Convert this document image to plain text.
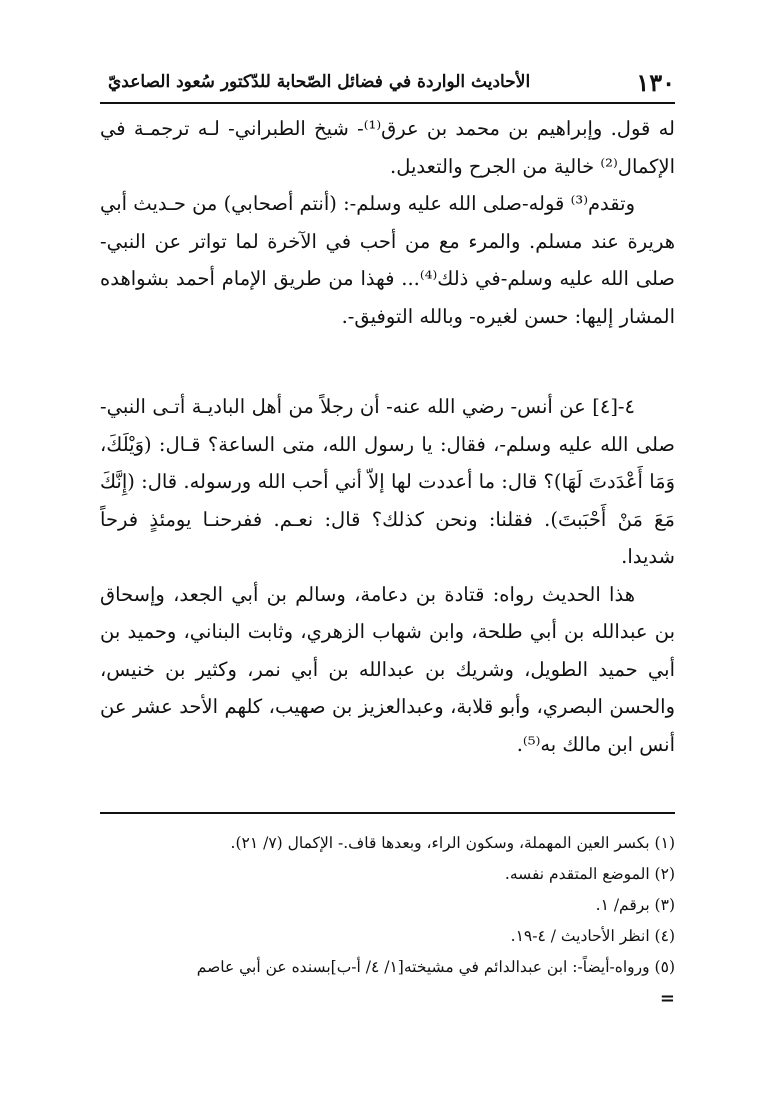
١٣٠
الأحاديث الواردة في فضائل الصّحابة للدّكتور سُعود الصاعديّ

له قول. وإبراهيم بن محمد بن عرق⁽¹⁾- شيخ الطبراني- لـه ترجمـة في الإكمال⁽²⁾ خالية من الجرح والتعديل.

وتقدم⁽³⁾ قوله-صلى الله عليه وسلم-: (أنتم أصحابي) من حـديث أبي هريرة عند مسلم. والمرء مع من أحب في الآخرة لما تواتر عن النبي- صلى الله عليه وسلم-في ذلك⁽⁴⁾... فهذا من طريق الإمام أحمد بشواهده المشار إليها: حسن لغيره- وبالله التوفيق-.

٤-[٤] عن أنس- رضي الله عنه- أن رجلاً من أهل الباديـة أتـى النبي- صلى الله عليه وسلم-، فقال: يا رسول الله، متى الساعة؟ قـال: (وَيْلَكَ، وَمَا أَعْدَدتَ لَهَا)؟ قال: ما أعددت لها إلاّ أني أحب الله ورسوله. قال: (إِنَّكَ مَعَ مَنْ أَحْبَبتَ). فقلنا: ونحن كذلك؟ قال: نعـم. ففرحنـا يومئذٍ فرحاً شديدا.

هذا الحديث رواه: قتادة بن دعامة، وسالم بن أبي الجعد، وإسحاق بن عبدالله بن أبي طلحة، وابن شهاب الزهري، وثابت البناني، وحميد بن أبي حميد الطويل، وشريك بن عبدالله بن أبي نمر، وكثير بن خنيس، والحسن البصري، وأبو قلابة، وعبدالعزيز بن صهيب، كلهم الأحد عشر عن أنس ابن مالك به⁽⁵⁾.

(١) بكسر العين المهملة، وسكون الراء، وبعدها قاف.- الإكمال (٧/ ٢١).

(٢) الموضع المتقدم نفسه.

(٣) برقم/ ١.

(٤) انظر الأحاديث / ٤-١٩.

(٥) ورواه-أيضاً-: ابن عبدالدائم في مشيخته[١/ ٤/ أ-ب]بسنده عن أبي عاصم

=
